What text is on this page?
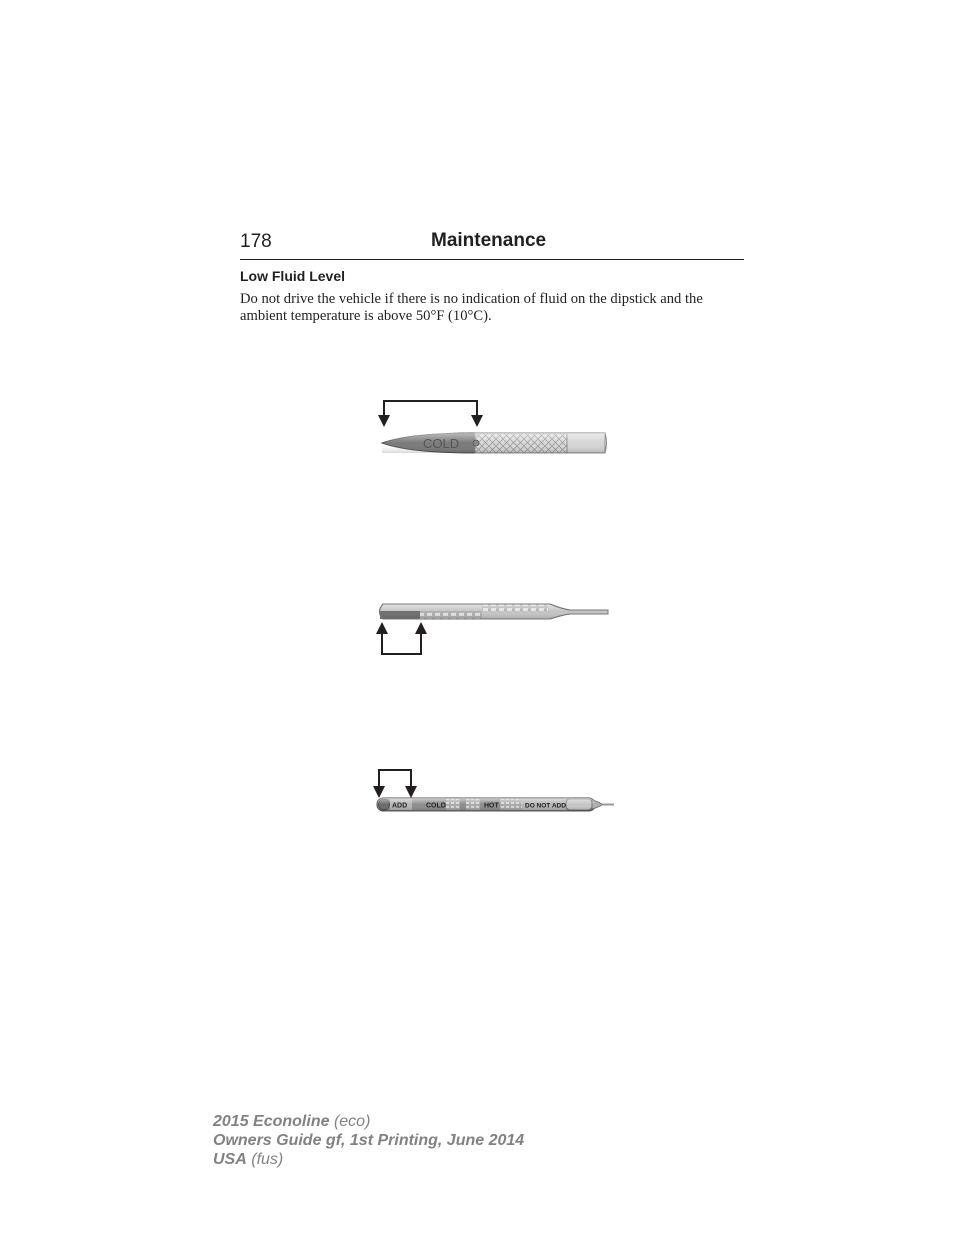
178	Maintenance
Low Fluid Level
Do not drive the vehicle if there is no indication of fluid on the dipstick and the ambient temperature is above 50°F (10°C).
COLD
ADD	COLD	HOT	DO NOT ADD
2015 Econoline (eco)
Owners Guide gf, 1st Printing, June 2014
USA (fus)
